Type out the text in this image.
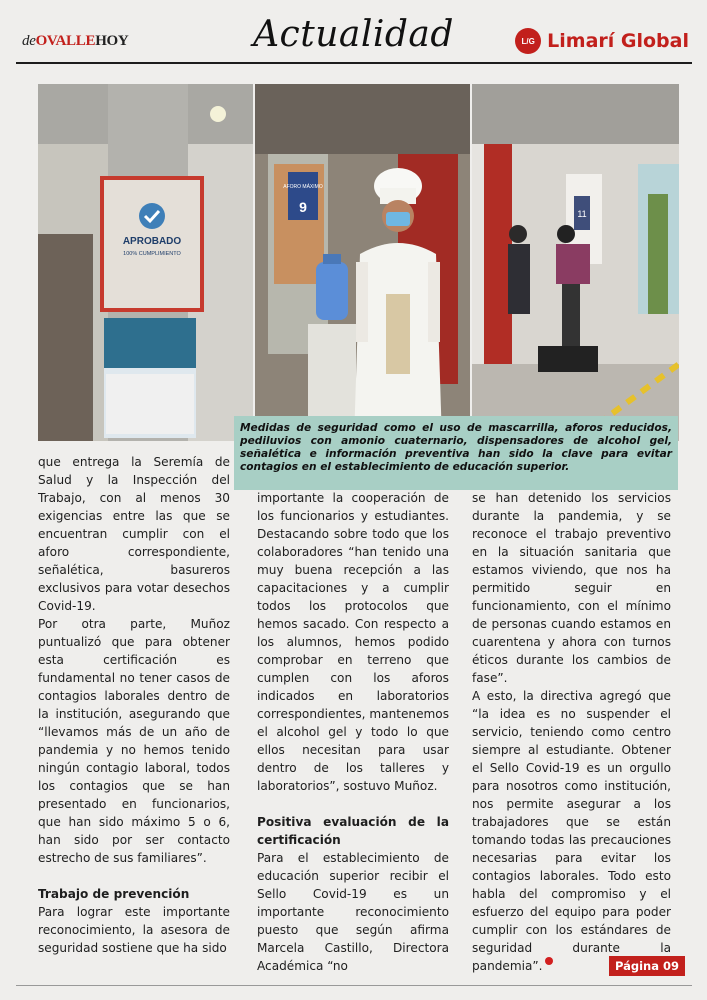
deOVALLEHOY	Actualidad	L/G Limarí Global
APROBADO
100% CUMPLIMIENTO
AFORO MÁXIMO
9	11
Medidas de seguridad como el uso de mascarrilla, aforos reducidos, pediluvios con amonio cuaternario, dispensadores de alcohol gel, señalética e información preventiva han sido la clave para evitar contagios en el establecimiento de educación superior.

que entrega la Seremía de Salud y la Inspección del Trabajo, con al menos 30 exigencias entre las que se encuentran cumplir con el aforo correspondiente, señalética, basureros exclusivos para votar desechos Covid-19.

Por otra parte, Muñoz puntualizó que para obtener esta certificación es fundamental no tener casos de contagios laborales dentro de la institución, asegurando que “llevamos más de un año de pandemia y no hemos tenido ningún contagio laboral, todos los contagios que se han presentado en funcionarios, que han sido máximo 5 o 6, han sido por ser contacto estrecho de sus familiares”.

Trabajo de prevención

Para lograr este importante reconocimiento, la asesora de seguridad sostiene que ha sido

importante la cooperación de los funcionarios y estudiantes. Destacando sobre todo que los colaboradores “han tenido una muy buena recepción a las capacitaciones y a cumplir todos los protocolos que hemos sacado. Con respecto a los alumnos, hemos podido comprobar en terreno que cumplen con los aforos indicados en laboratorios correspondientes, mantenemos el alcohol gel y todo lo que ellos necesitan para usar dentro de los talleres y laboratorios”, sostuvo Muñoz.

Positiva evaluación de la certificación

Para el establecimiento de educación superior recibir el Sello Covid-19 es un importante reconocimiento puesto que según afirma Marcela Castillo, Directora Académica “no

se han detenido los servicios durante la pandemia, y se reconoce el trabajo preventivo en la situación sanitaria que estamos viviendo, que nos ha permitido seguir en funcionamiento, con el mínimo de personas cuando estamos en cuarentena y ahora con turnos éticos durante los cambios de fase”.

A esto, la directiva agregó que “la idea es no suspender el servicio, teniendo como centro siempre al estudiante. Obtener el Sello Covid-19 es un orgullo para nosotros como institución, nos permite asegurar a los trabajadores que se están tomando todas las precauciones necesarias para evitar los contagios laborales. Todo esto habla del compromiso y el esfuerzo del equipo para poder cumplir con los estándares de seguridad durante la pandemia”.	Página 09
